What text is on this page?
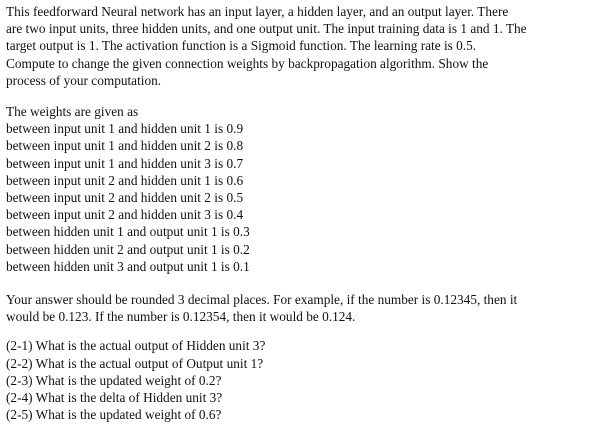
This feedforward Neural network has an input layer, a hidden layer, and an output layer. There
are two input units, three hidden units, and one output unit. The input training data is 1 and 1. The
target output is 1. The activation function is a Sigmoid function. The learning rate is 0.5.
Compute to change the given connection weights by backpropagation algorithm. Show the
process of your computation.
The weights are given as
between input unit 1 and hidden unit 1 is 0.9
between input unit 1 and hidden unit 2 is 0.8
between input unit 1 and hidden unit 3 is 0.7
between input unit 2 and hidden unit 1 is 0.6
between input unit 2 and hidden unit 2 is 0.5
between input unit 2 and hidden unit 3 is 0.4
between hidden unit 1 and output unit 1 is 0.3
between hidden unit 2 and output unit 1 is 0.2
between hidden unit 3 and output unit 1 is 0.1
Your answer should be rounded 3 decimal places. For example, if the number is 0.12345, then it
would be 0.123. If the number is 0.12354, then it would be 0.124.
(2-1) What is the actual output of Hidden unit 3?
(2-2) What is the actual output of Output unit 1?
(2-3) What is the updated weight of 0.2?
(2-4) What is the delta of Hidden unit 3?
(2-5) What is the updated weight of 0.6?
